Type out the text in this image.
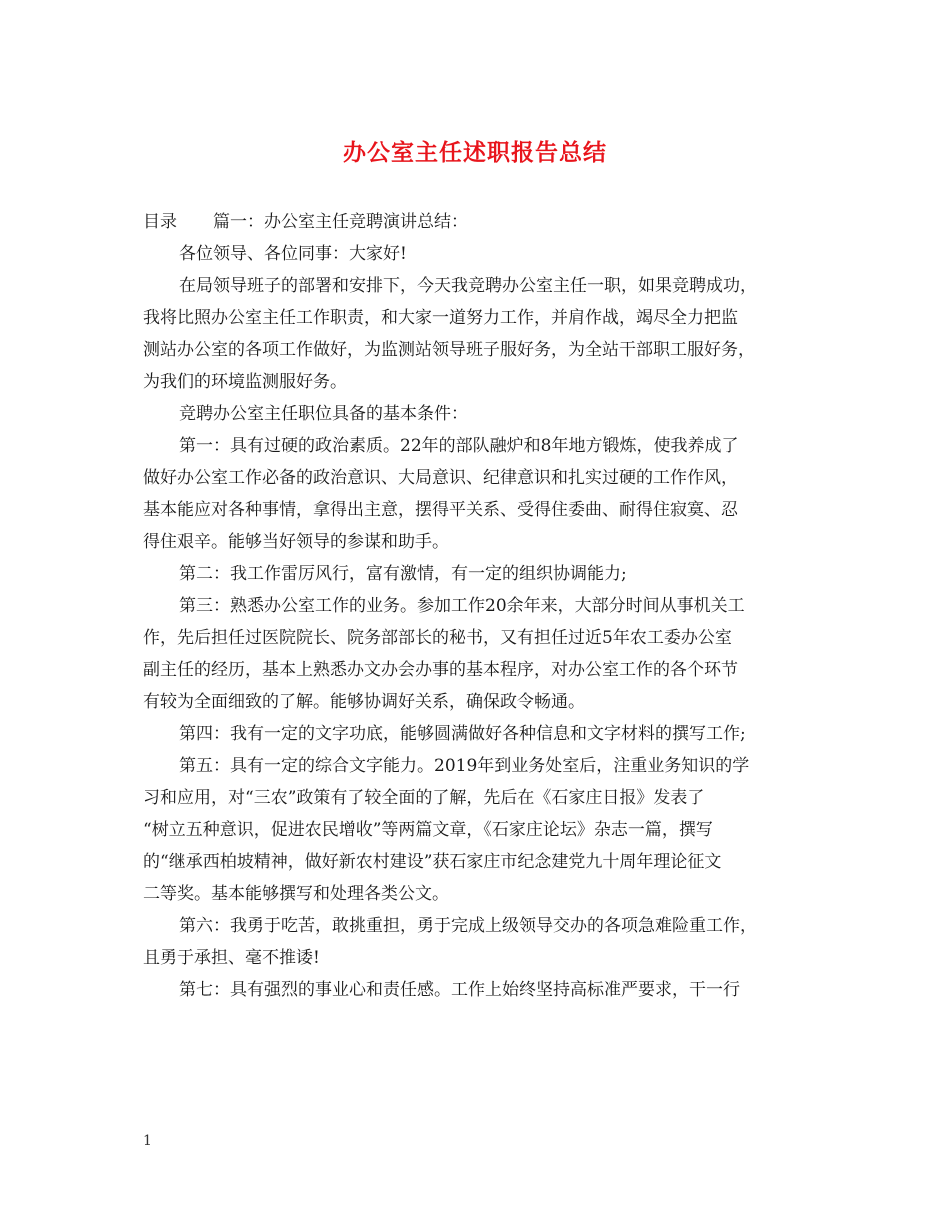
办公室主任述职报告总结
目录 篇一：办公室主任竞聘演讲总结：
各位领导、各位同事：大家好!
在局领导班子的部署和安排下，今天我竞聘办公室主任一职，如果竞聘成功，
我将比照办公室主任工作职责，和大家一道努力工作，并肩作战，竭尽全力把监
测站办公室的各项工作做好，为监测站领导班子服好务，为全站干部职工服好务，
为我们的环境监测服好务。
竞聘办公室主任职位具备的基本条件：
第一：具有过硬的政治素质。22年的部队融炉和8年地方锻炼，使我养成了
做好办公室工作必备的政治意识、大局意识、纪律意识和扎实过硬的工作作风，
基本能应对各种事情，拿得出主意，摆得平关系、受得住委曲、耐得住寂寞、忍
得住艰辛。能够当好领导的参谋和助手。
第二：我工作雷厉风行，富有激情，有一定的组织协调能力;
第三：熟悉办公室工作的业务。参加工作20余年来，大部分时间从事机关工
作，先后担任过医院院长、院务部部长的秘书，又有担任过近5年农工委办公室
副主任的经历，基本上熟悉办文办会办事的基本程序，对办公室工作的各个环节
有较为全面细致的了解。能够协调好关系，确保政令畅通。
第四：我有一定的文字功底，能够圆满做好各种信息和文字材料的撰写工作;
第五：具有一定的综合文字能力。2019年到业务处室后，注重业务知识的学
习和应用，对“三农”政策有了较全面的了解，先后在《石家庄日报》发表了
“树立五种意识，促进农民增收”等两篇文章，《石家庄论坛》杂志一篇，撰写
的“继承西柏坡精神，做好新农村建设”获石家庄市纪念建党九十周年理论征文
二等奖。基本能够撰写和处理各类公文。
第六：我勇于吃苦，敢挑重担，勇于完成上级领导交办的各项急难险重工作，
且勇于承担、毫不推诿!
第七：具有强烈的事业心和责任感。工作上始终坚持高标准严要求，干一行
1
